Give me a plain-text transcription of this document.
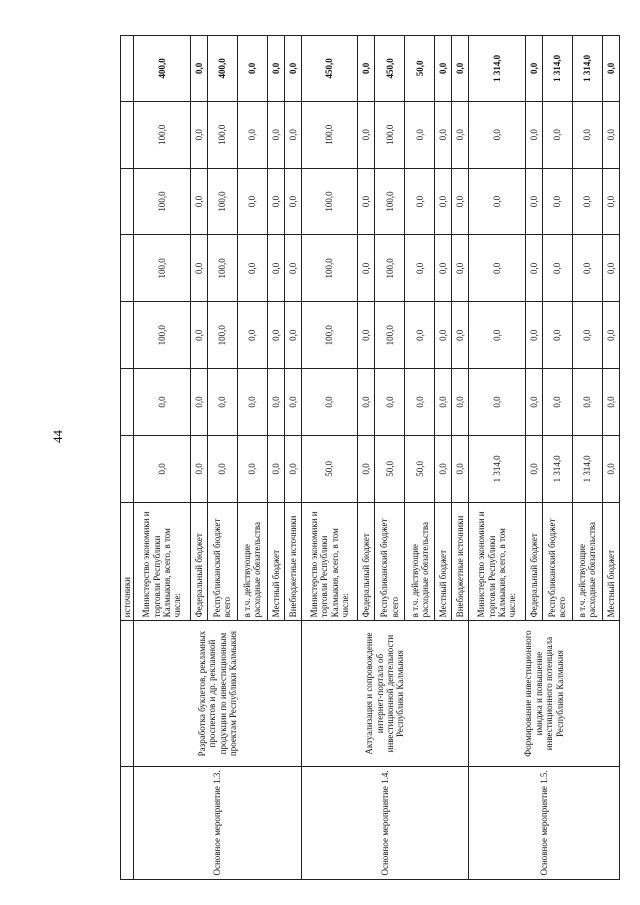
44
		источники							
Основное мероприятие 1.3.	Разработка буклетов, рекламных проспектов и др. рекламной продукции по инвестиционным проектам Республики Калмыкия	Министерство экономики и торговли Республики Калмыкия, всего, в том числе:	0,0	0,0	100,0	100,0	100,0	100,0	400,0
		Федеральный бюджет	0,0	0,0	0,0	0,0	0,0	0,0	0,0
		Республиканский бюджет всего	0,0	0,0	100,0	100,0	100,0	100,0	400,0
		в т.ч. действующие расходные обязательства	0,0	0,0	0,0	0,0	0,0	0,0	0,0
		Местный бюджет	0,0	0,0	0,0	0,0	0,0	0,0	0,0
		Внебюджетные источники	0,0	0,0	0,0	0,0	0,0	0,0	0,0
Основное мероприятие 1.4.	Актуализация и сопровождение интернет-портала об инвестиционной деятельности Республики Калмыкия	Министерство экономики и торговли Республики Калмыкия, всего, в том числе:	50,0	0,0	100,0	100,0	100,0	100,0	450,0
		Федеральный бюджет	0,0	0,0	0,0	0,0	0,0	0,0	0,0
		Республиканский бюджет всего	50,0	0,0	100,0	100,0	100,0	100,0	450,0
		в т.ч. действующие расходные обязательства	50,0	0,0	0,0	0,0	0,0	0,0	50,0
		Местный бюджет	0,0	0,0	0,0	0,0	0,0	0,0	0,0
		Внебюджетные источники	0,0	0,0	0,0	0,0	0,0	0,0	0,0
Основное мероприятие 1.5.	Формирование инвестиционного имиджа и повышение инвестиционного потенциала Республики Калмыкия	Министерство экономики и торговли Республики Калмыкия, всего, в том числе:	1 314,0	0,0	0,0	0,0	0,0	0,0	1 314,0
		Федеральный бюджет	0,0	0,0	0,0	0,0	0,0	0,0	0,0
		Республиканский бюджет всего	1 314,0	0,0	0,0	0,0	0,0	0,0	1 314,0
		в т.ч. действующие расходные обязательства	1 314,0	0,0	0,0	0,0	0,0	0,0	1 314,0
		Местный бюджет	0,0	0,0	0,0	0,0	0,0	0,0	0,0
